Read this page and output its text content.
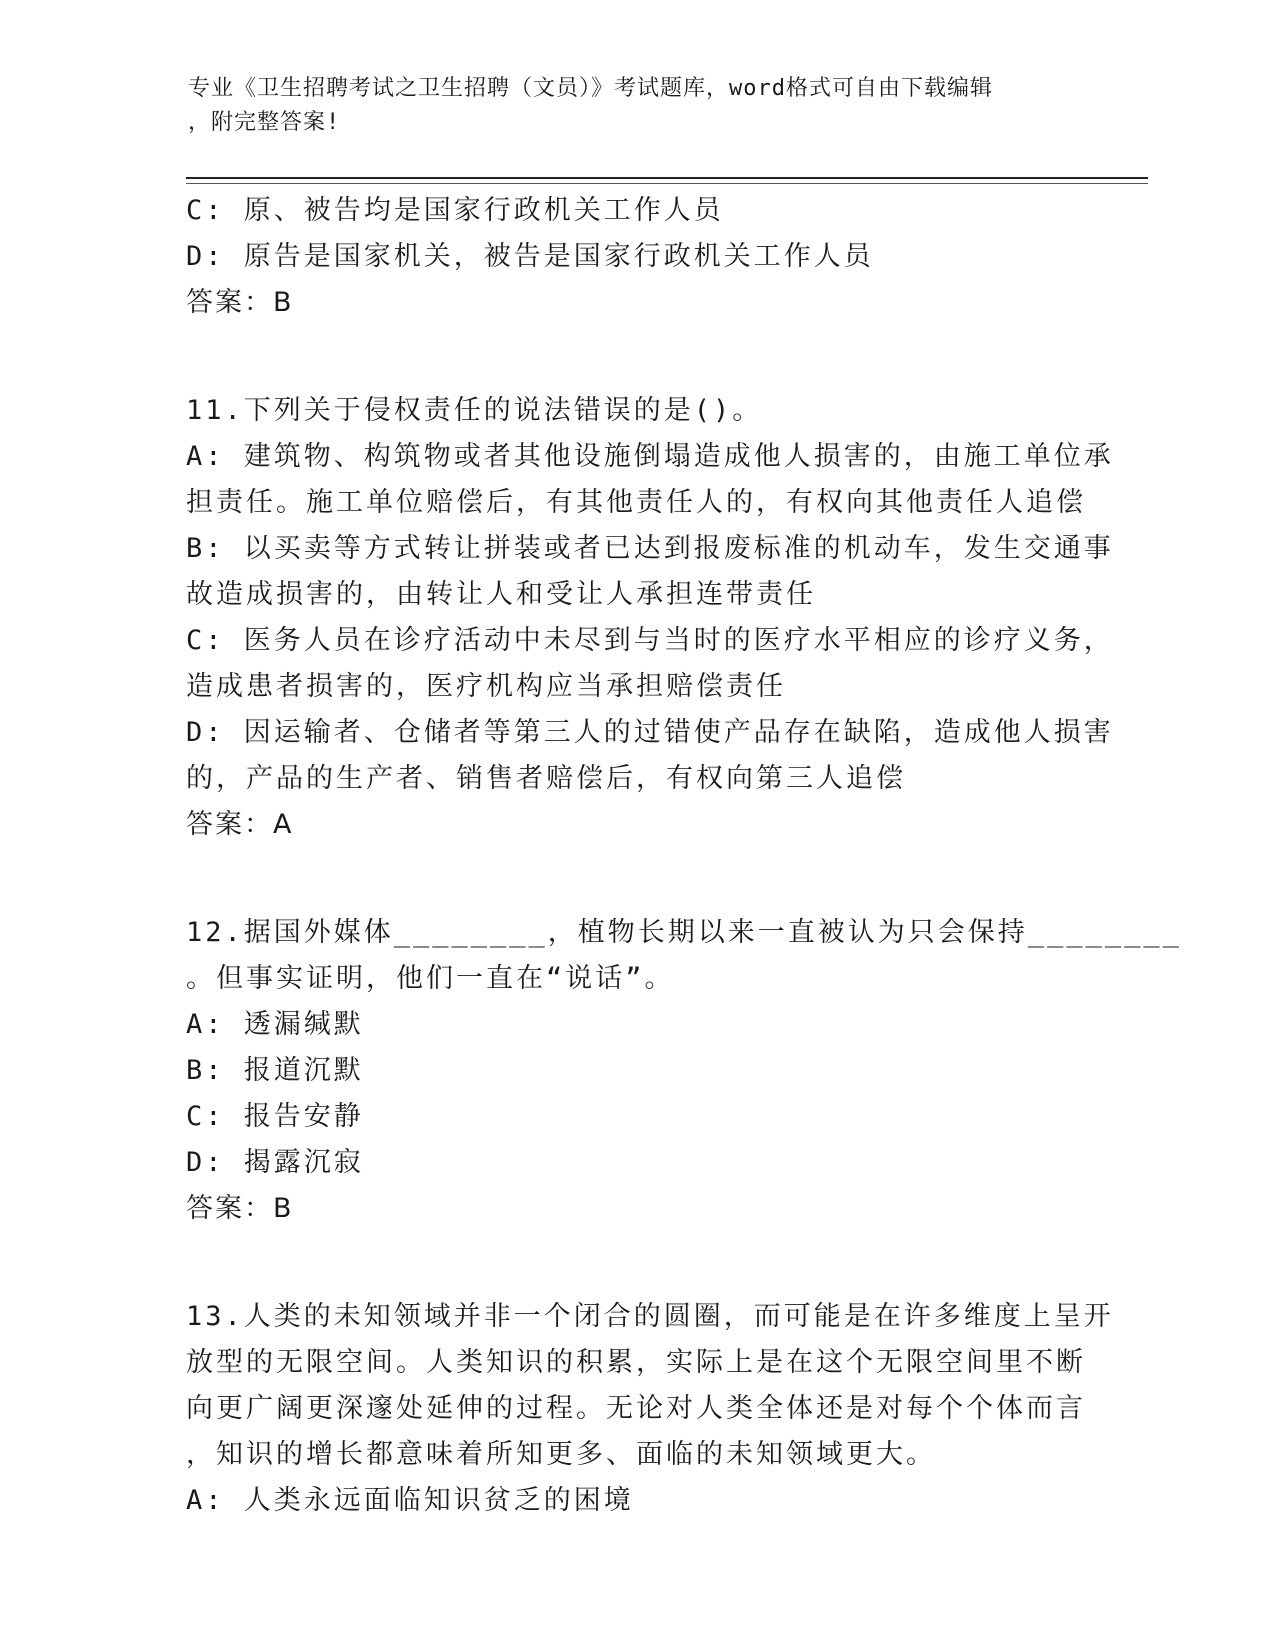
专业《卫生招聘考试之卫生招聘（文员）》考试题库，word格式可自由下载编辑
，附完整答案!
C: 原、被告均是国家行政机关工作人员
D: 原告是国家机关，被告是国家行政机关工作人员
答案：B
11.下列关于侵权责任的说法错误的是()。
A: 建筑物、构筑物或者其他设施倒塌造成他人损害的，由施工单位承
担责任。施工单位赔偿后，有其他责任人的，有权向其他责任人追偿
B: 以买卖等方式转让拼装或者已达到报废标准的机动车，发生交通事
故造成损害的，由转让人和受让人承担连带责任
C: 医务人员在诊疗活动中未尽到与当时的医疗水平相应的诊疗义务，
造成患者损害的，医疗机构应当承担赔偿责任
D: 因运输者、仓储者等第三人的过错使产品存在缺陷，造成他人损害
的，产品的生产者、销售者赔偿后，有权向第三人追偿
答案：A
12.据国外媒体________，植物长期以来一直被认为只会保持________
。但事实证明，他们一直在“说话”。
A: 透漏缄默
B: 报道沉默
C: 报告安静
D: 揭露沉寂
答案：B
13.人类的未知领域并非一个闭合的圆圈，而可能是在许多维度上呈开
放型的无限空间。人类知识的积累，实际上是在这个无限空间里不断
向更广阔更深邃处延伸的过程。无论对人类全体还是对每个个体而言
，知识的增长都意味着所知更多、面临的未知领域更大。
A: 人类永远面临知识贫乏的困境
